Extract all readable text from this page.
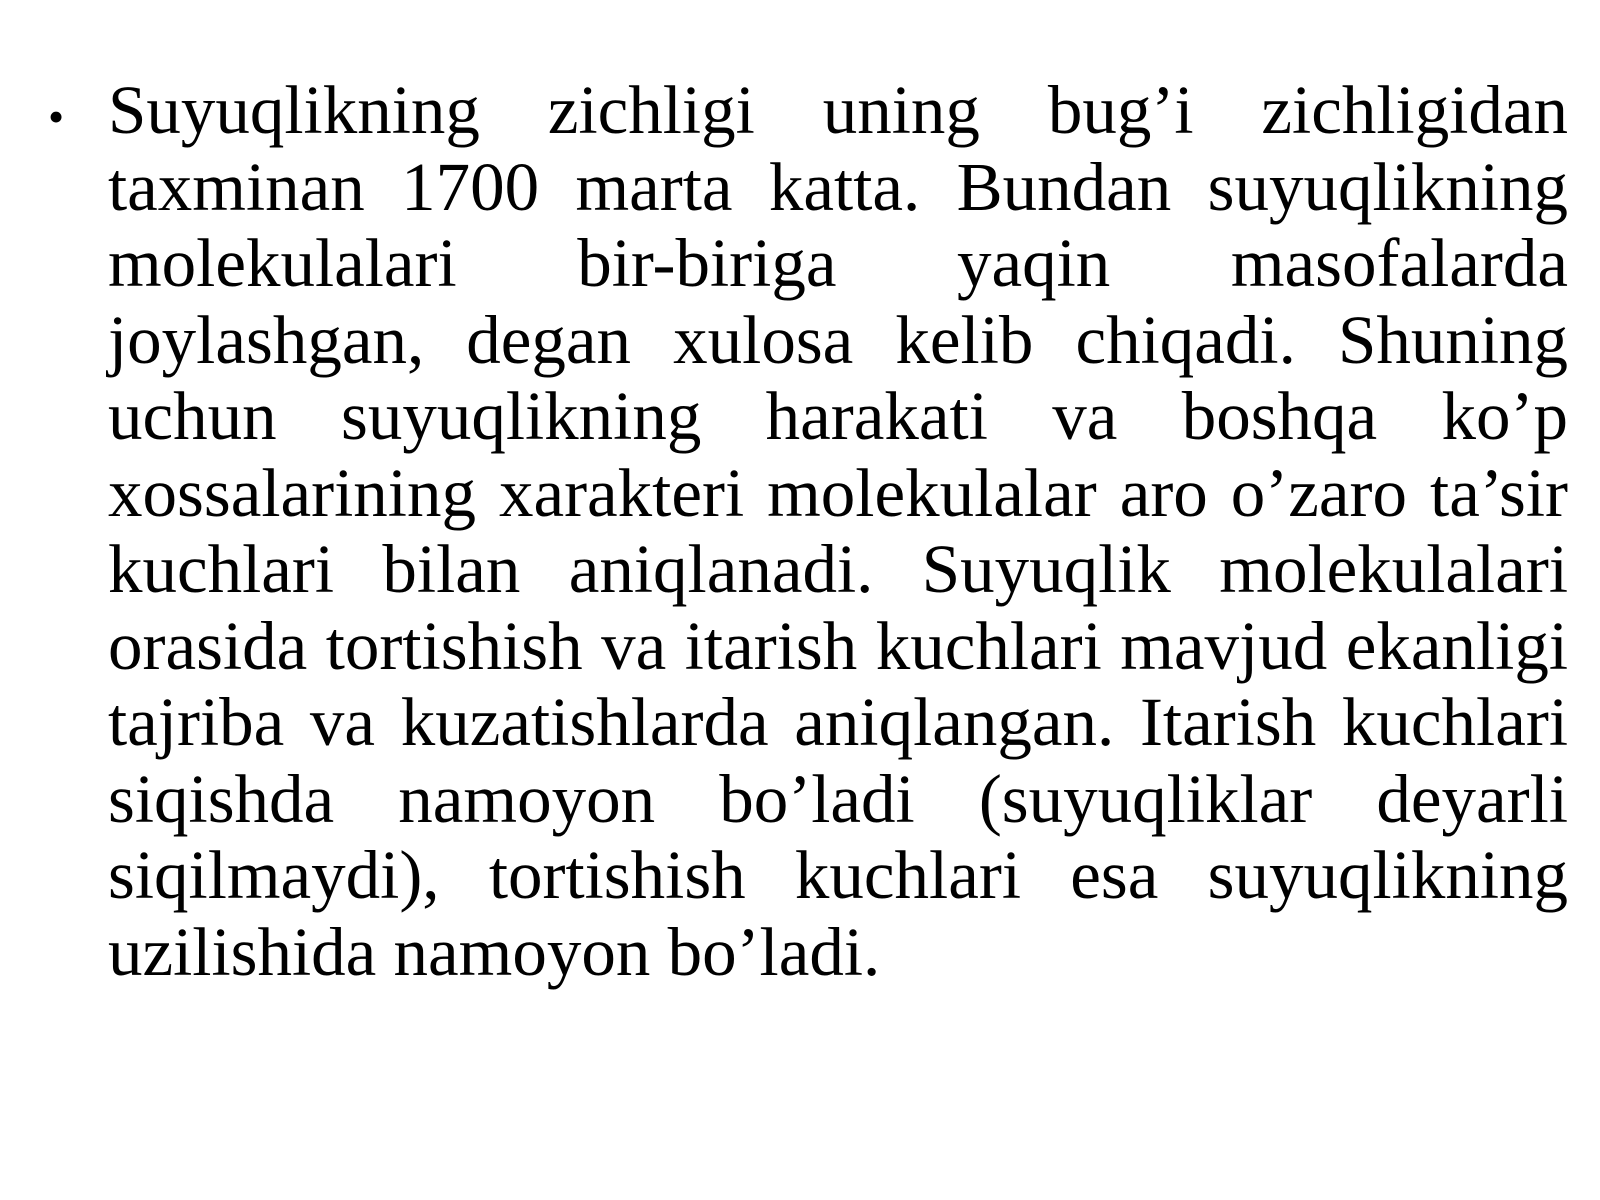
• Suyuqlikning zichligi uning bug’i zichligidan taxminan 1700 marta katta. Bundan suyuqlikning molekulalari bir-biriga yaqin masofalarda joylashgan, degan xulosa kelib chiqadi. Shuning uchun suyuqlikning harakati va boshqa ko’p xossalarining xarakteri molekulalar aro o’zaro ta’sir kuchlari bilan aniqlanadi. Suyuqlik molekulalari orasida tortishish va itarish kuchlari mavjud ekanligi tajriba va kuzatishlarda aniqlangan. Itarish kuchlari siqishda namoyon bo’ladi (suyuqliklar deyarli siqilmaydi), tortishish kuchlari esa suyuqlikning uzilishida namoyon bo’ladi.
